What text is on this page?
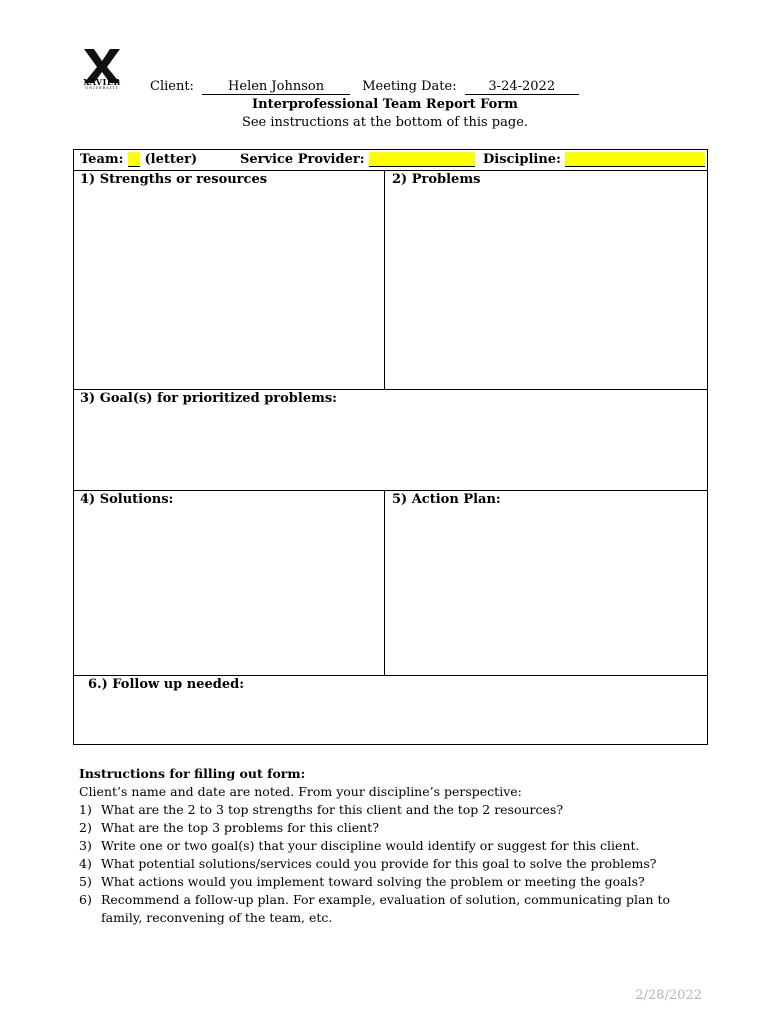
XAVIER
UNIVERSITY	Client:	Helen Johnson	Meeting Date: 3-24-2022
Interprofessional Team Report Form
See instructions at the bottom of this page.
Team: (letter)	Service Provider:	Discipline:
1) Strengths or resources	2) Problems
3) Goal(s) for prioritized problems:
4) Solutions:	5) Action Plan:
6.) Follow up needed:
Instructions for filling out form:
Client’s name and date are noted. From your discipline’s perspective:
1) What are the 2 to 3 top strengths for this client and the top 2 resources?
2) What are the top 3 problems for this client?
3) Write one or two goal(s) that your discipline would identify or suggest for this client.
4) What potential solutions/services could you provide for this goal to solve the problems?
5) What actions would you implement toward solving the problem or meeting the goals?
6) Recommend a follow-up plan. For example, evaluation of solution, communicating plan to family, reconvening of the team, etc.
2/28/2022
